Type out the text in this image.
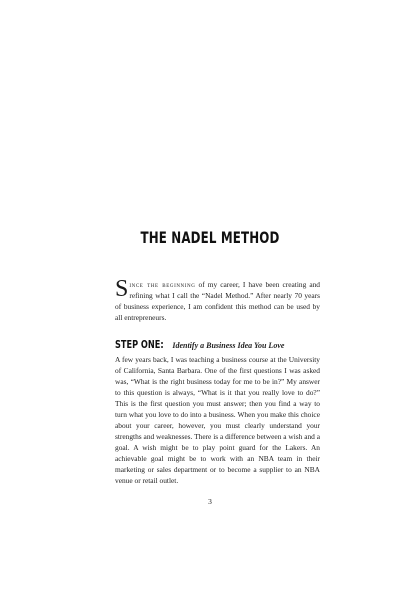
THE NADEL METHOD

Since the beginning of my career, I have been creating and refining what I call the “Nadel Method.” After nearly 70 years of business experience, I am confident this method can be used by all entrepreneurs.

STEP ONE: Identify a Business Idea You Love

A few years back, I was teaching a business course at the University of California, Santa Barbara. One of the first questions I was asked was, “What is the right business today for me to be in?” My answer to this question is always, “What is it that you really love to do?” This is the first question you must answer; then you find a way to turn what you love to do into a business. When you make this choice about your career, however, you must clearly understand your strengths and weaknesses. There is a difference between a wish and a goal. A wish might be to play point guard for the Lakers. An achievable goal might be to work with an NBA team in their marketing or sales department or to become a supplier to an NBA venue or retail outlet.

3
